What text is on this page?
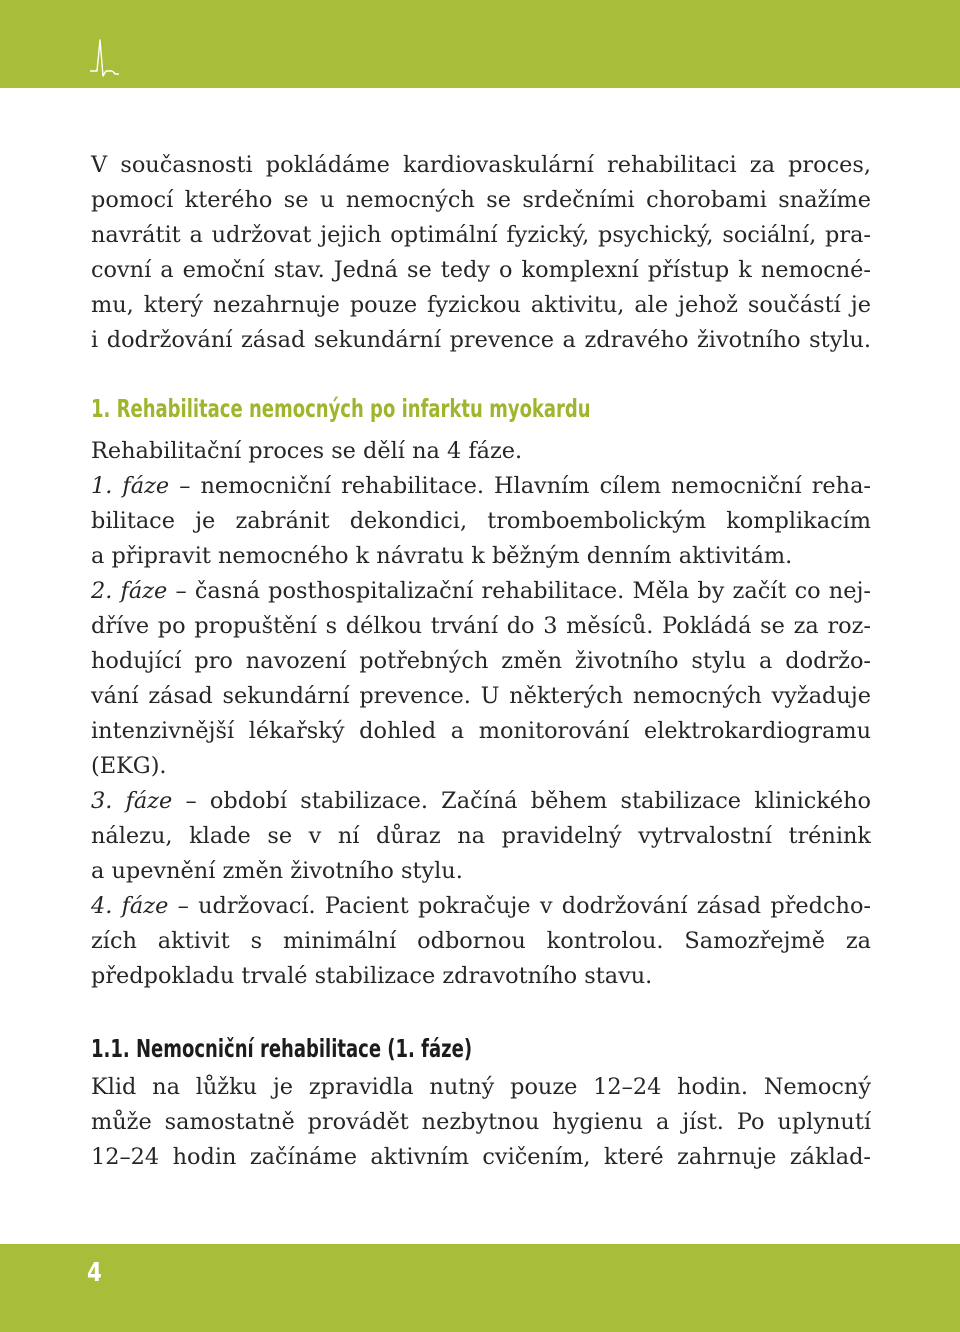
V současnosti pokládáme kardiovaskulární rehabilitaci za proces,
pomocí kterého se u nemocných se srdečními chorobami snažíme
navrátit a udržovat jejich optimální fyzický, psychický, sociální, pra-
covní a emoční stav. Jedná se tedy o komplexní přístup k nemocné-
mu, který nezahrnuje pouze fyzickou aktivitu, ale jehož součástí je
i dodržování zásad sekundární prevence a zdravého životního stylu.

1. Rehabilitace nemocných po infarktu myokardu

Rehabilitační proces se dělí na 4 fáze.
1. fáze – nemocniční rehabilitace. Hlavním cílem nemocniční reha-
bilitace je zabránit dekondici, tromboembolickým komplikacím
a připravit nemocného k návratu k běžným denním aktivitám.
2. fáze – časná posthospitalizační rehabilitace. Měla by začít co nej-
dříve po propuštění s délkou trvání do 3 měsíců. Pokládá se za roz-
hodující pro navození potřebných změn životního stylu a dodržo-
vání zásad sekundární prevence. U některých nemocných vyžaduje
intenzivnější lékařský dohled a monitorování elektrokardiogramu
(EKG).
3. fáze – období stabilizace. Začíná během stabilizace klinického
nálezu, klade se v ní důraz na pravidelný vytrvalostní trénink
a upevnění změn životního stylu.
4. fáze – udržovací. Pacient pokračuje v dodržování zásad předcho-
zích aktivit s minimální odbornou kontrolou. Samozřejmě za
předpokladu trvalé stabilizace zdravotního stavu.

1.1. Nemocniční rehabilitace (1. fáze)

Klid na lůžku je zpravidla nutný pouze 12–24 hodin. Nemocný
může samostatně provádět nezbytnou hygienu a jíst. Po uplynutí
12–24 hodin začínáme aktivním cvičením, které zahrnuje základ-

4
